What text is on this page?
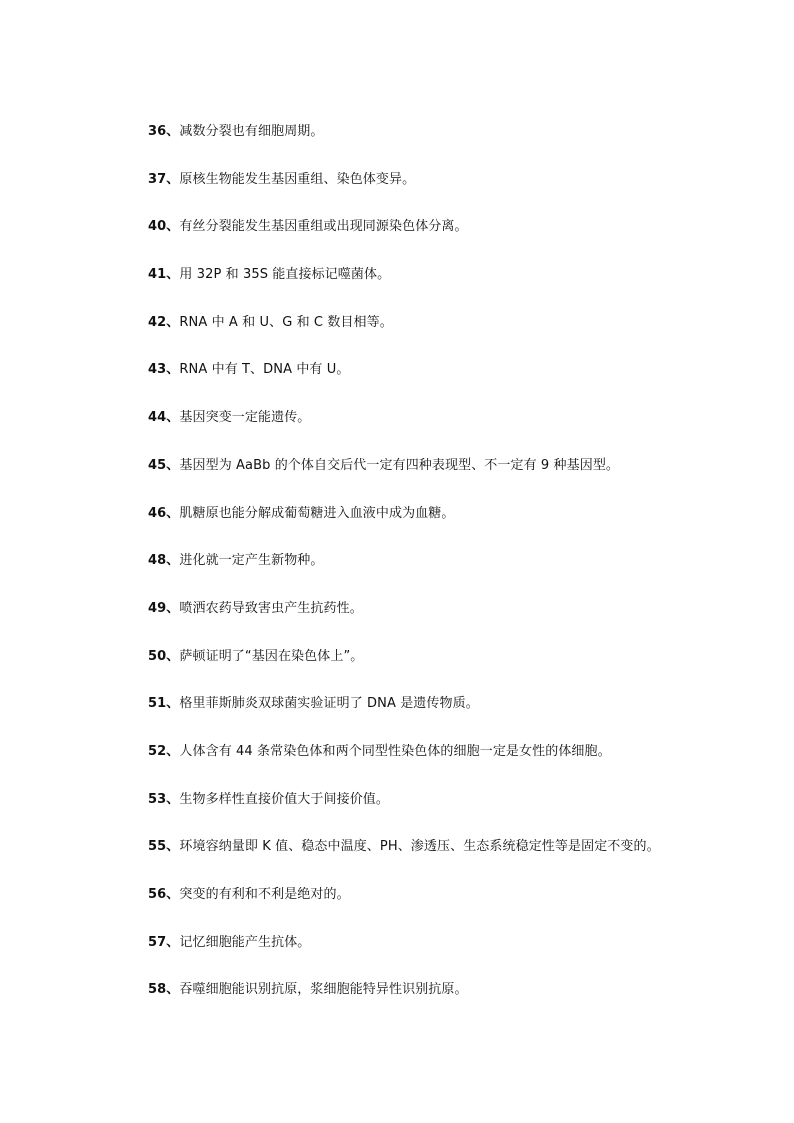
36、减数分裂也有细胞周期。
37、原核生物能发生基因重组、染色体变异。
40、有丝分裂能发生基因重组或出现同源染色体分离。
41、用 32P 和 35S 能直接标记噬菌体。
42、RNA 中 A 和 U、G 和 C 数目相等。
43、RNA 中有 T、DNA 中有 U。
44、基因突变一定能遗传。
45、基因型为 AaBb 的个体自交后代一定有四种表现型、不一定有 9 种基因型。
46、肌糖原也能分解成葡萄糖进入血液中成为血糖。
48、进化就一定产生新物种。
49、喷洒农药导致害虫产生抗药性。
50、萨顿证明了“基因在染色体上”。
51、格里菲斯肺炎双球菌实验证明了 DNA 是遗传物质。
52、人体含有 44 条常染色体和两个同型性染色体的细胞一定是女性的体细胞。
53、生物多样性直接价值大于间接价值。
55、环境容纳量即 K 值、稳态中温度、PH、渗透压、生态系统稳定性等是固定不变的。
56、突变的有利和不利是绝对的。
57、记忆细胞能产生抗体。
58、吞噬细胞能识别抗原，浆细胞能特异性识别抗原。
